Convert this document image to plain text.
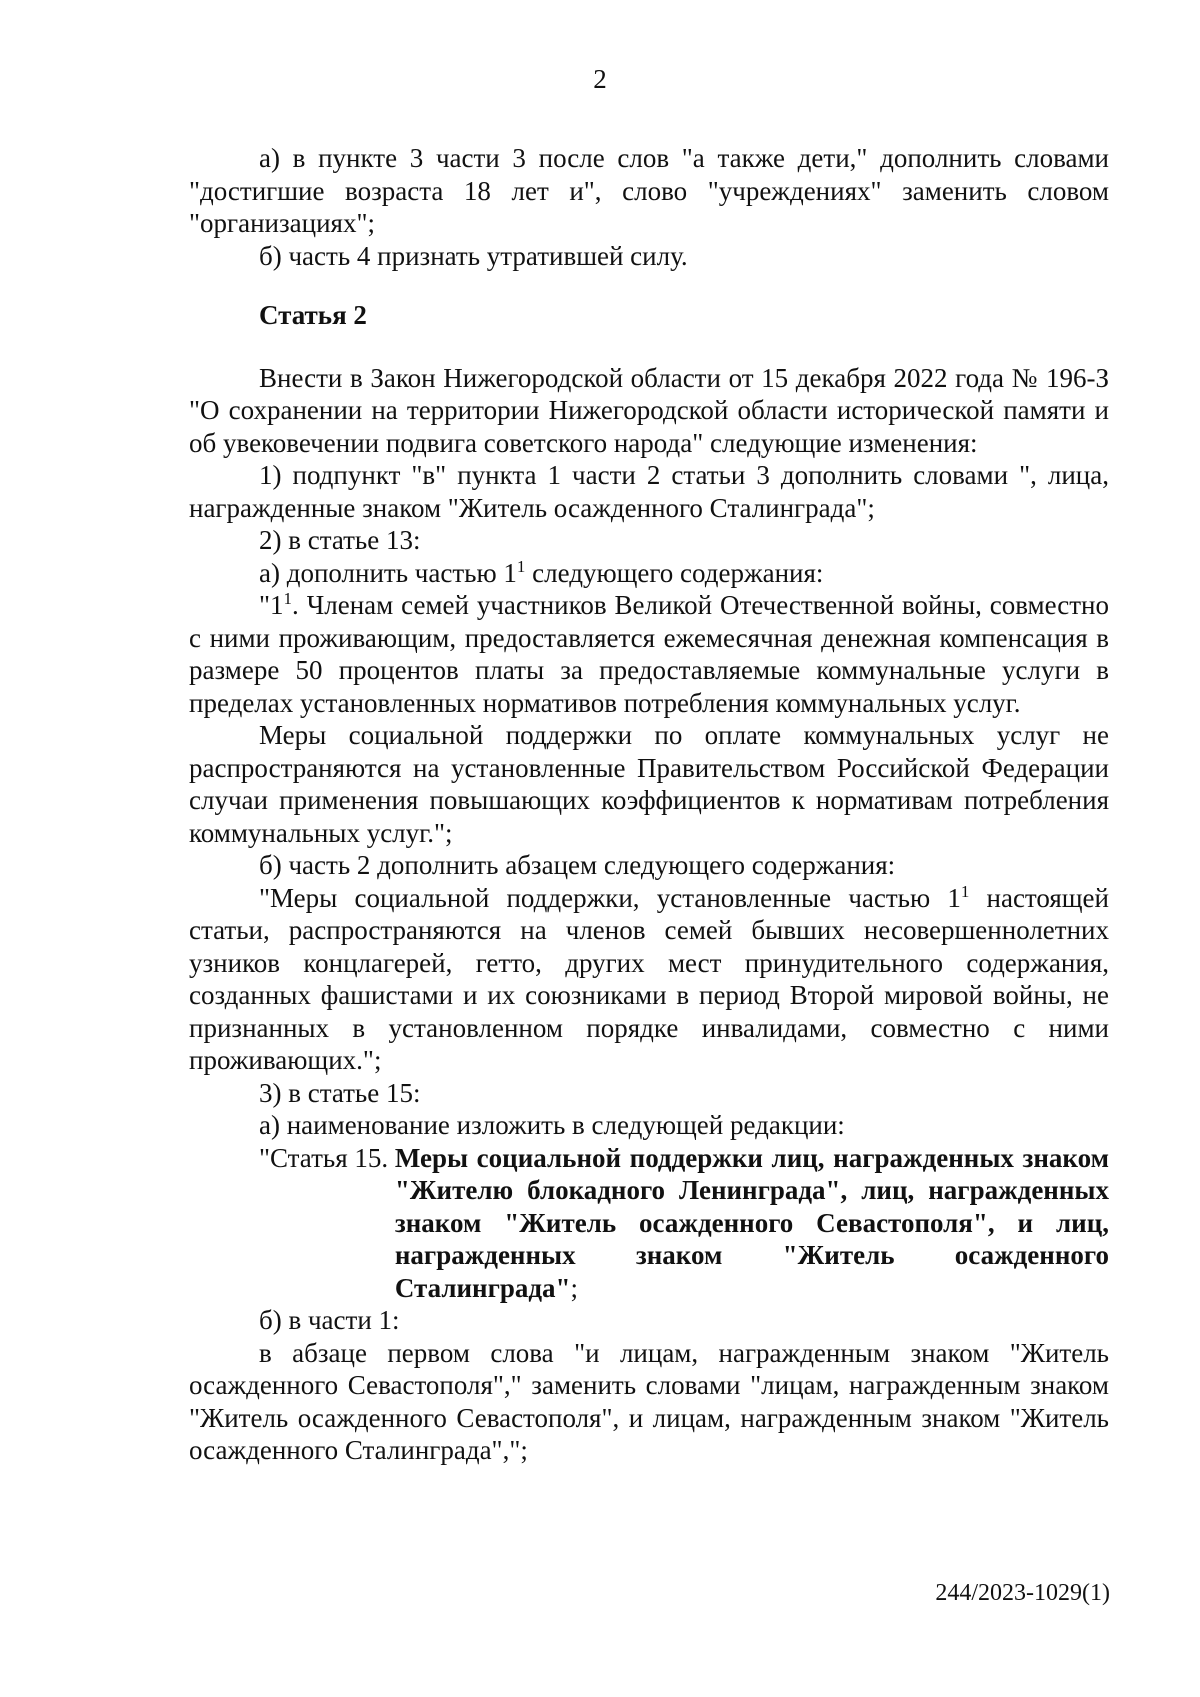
2

а) в пункте 3 части 3 после слов "а также дети," дополнить словами "достигшие возраста 18 лет и", слово "учреждениях" заменить словом "организациях";

б) часть 4 признать утратившей силу.

Статья 2

Внести в Закон Нижегородской области от 15 декабря 2022 года № 196-З "О сохранении на территории Нижегородской области исторической памяти и об увековечении подвига советского народа" следующие изменения:

1) подпункт "в" пункта 1 части 2 статьи 3 дополнить словами ", лица, награжденные знаком "Житель осажденного Сталинграда";

2) в статье 13:

а) дополнить частью $1^1$ следующего содержания:

"$1^1$. Членам семей участников Великой Отечественной войны, совместно с ними проживающим, предоставляется ежемесячная денежная компенсация в размере 50 процентов платы за предоставляемые коммунальные услуги в пределах установленных нормативов потребления коммунальных услуг.

Меры социальной поддержки по оплате коммунальных услуг не распространяются на установленные Правительством Российской Федерации случаи применения повышающих коэффициентов к нормативам потребления коммунальных услуг.";

б) часть 2 дополнить абзацем следующего содержания:

"Меры социальной поддержки, установленные частью $1^1$ настоящей статьи, распространяются на членов семей бывших несовершеннолетних узников концлагерей, гетто, других мест принудительного содержания, созданных фашистами и их союзниками в период Второй мировой войны, не признанных в установленном порядке инвалидами, совместно с ними проживающих.";

3) в статье 15:

а) наименование изложить в следующей редакции:

"Статья 15. Меры социальной поддержки лиц, награжденных знаком "Жителю блокадного Ленинграда", лиц, награжденных знаком "Житель осажденного Севастополя", и лиц, награжденных знаком "Житель осажденного Сталинграда";

б) в части 1:

в абзаце первом слова "и лицам, награжденным знаком "Житель осажденного Севастополя"," заменить словами "лицам, награжденным знаком "Житель осажденного Севастополя", и лицам, награжденным знаком "Житель осажденного Сталинграда",";

244/2023-1029(1)
